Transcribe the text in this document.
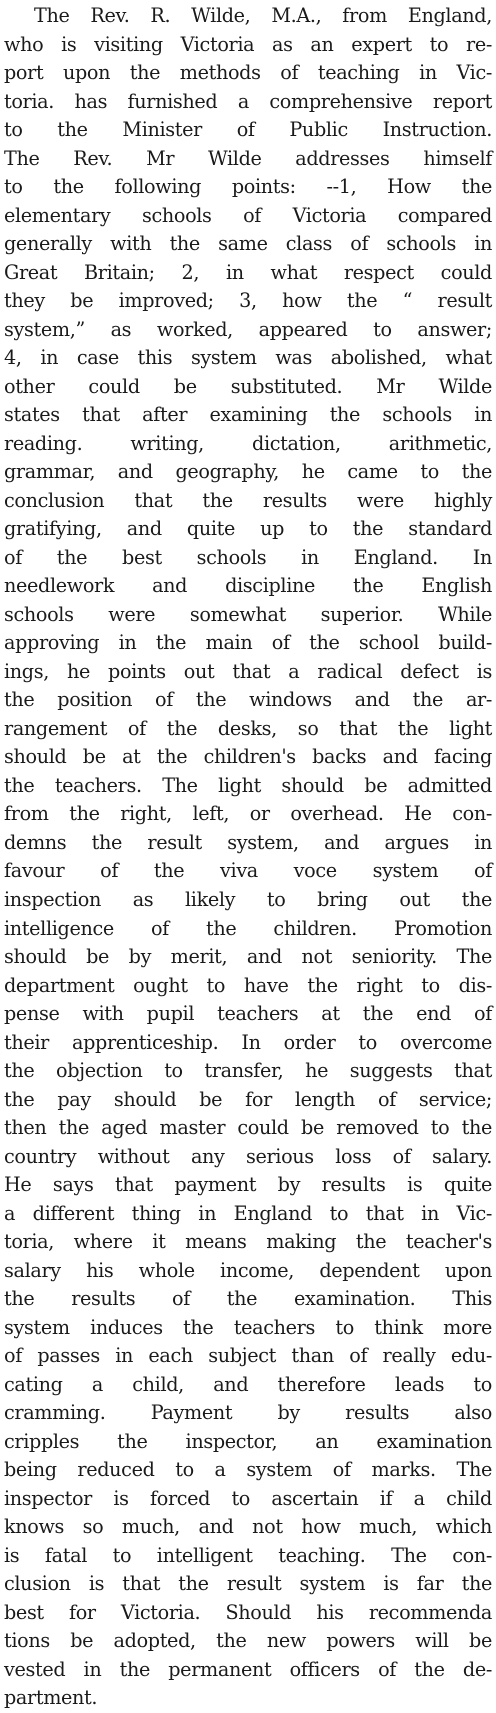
The Rev. R. Wilde, M.A., from England,
who is visiting Victoria as an expert to re-
port upon the methods of teaching in Vic-
toria. has furnished a comprehensive report
to the Minister of Public Instruction.
The Rev. Mr Wilde addresses himself
to the following points: --1, How the
elementary schools of Victoria compared
generally with the same class of schools in
Great Britain; 2, in what respect could
they be improved; 3, how the “ result
system,” as worked, appeared to answer;
4, in case this system was abolished, what
other could be substituted. Mr Wilde
states that after examining the schools in
reading. writing, dictation, arithmetic,
grammar, and geography, he came to the
conclusion that the results were highly
gratifying, and quite up to the standard
of the best schools in England. In
needlework and discipline the English
schools were somewhat superior. While
approving in the main of the school build-
ings, he points out that a radical defect is
the position of the windows and the ar-
rangement of the desks, so that the light
should be at the children's backs and facing
the teachers. The light should be admitted
from the right, left, or overhead. He con-
demns the result system, and argues in
favour of the viva voce system of
inspection as likely to bring out the
intelligence of the children. Promotion
should be by merit, and not seniority. The
department ought to have the right to dis-
pense with pupil teachers at the end of
their apprenticeship. In order to overcome
the objection to transfer, he suggests that
the pay should be for length of service;
then the aged master could be removed to the
country without any serious loss of salary.
He says that payment by results is quite
a different thing in England to that in Vic-
toria, where it means making the teacher's
salary his whole income, dependent upon
the results of the examination. This
system induces the teachers to think more
of passes in each subject than of really edu-
cating a child, and therefore leads to
cramming. Payment by results also
cripples the inspector, an examination
being reduced to a system of marks. The
inspector is forced to ascertain if a child
knows so much, and not how much, which
is fatal to intelligent teaching. The con-
clusion is that the result system is far the
best for Victoria. Should his recommenda
tions be adopted, the new powers will be
vested in the permanent officers of the de-
partment.
